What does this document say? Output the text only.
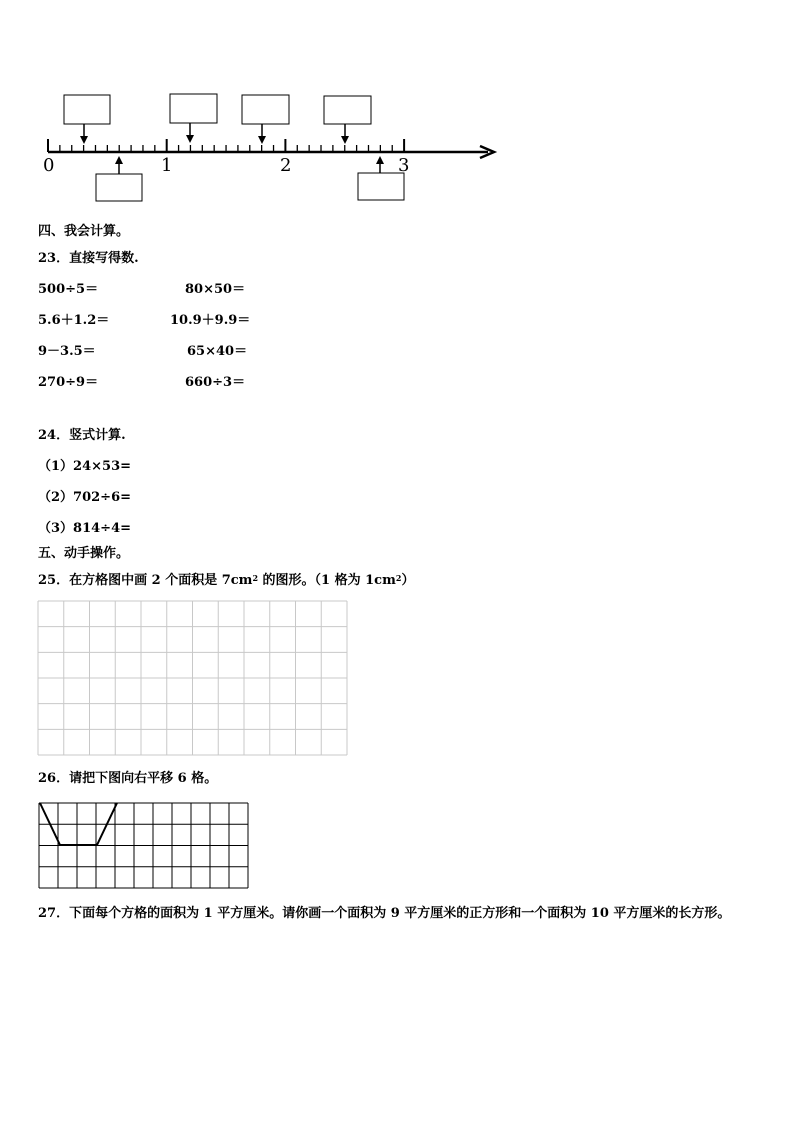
0	1	2	3
四、我会计算。
23．直接写得数.
500÷5＝	80×50＝
5.6＋1.2＝	10.9＋9.9＝
9－3.5＝	65×40＝
270÷9＝	660÷3＝
24．竖式计算.
（1）24×53=
（2）702÷6=
（3）814÷4=
五、动手操作。
25．在方格图中画 2 个面积是 $7cm^2$ 的图形。（1 格为 $1cm^2$）
26．请把下图向右平移 6 格。
27．下面每个方格的面积为 1 平方厘米。请你画一个面积为 9 平方厘米的正方形和一个面积为 10 平方厘米的长方形。
